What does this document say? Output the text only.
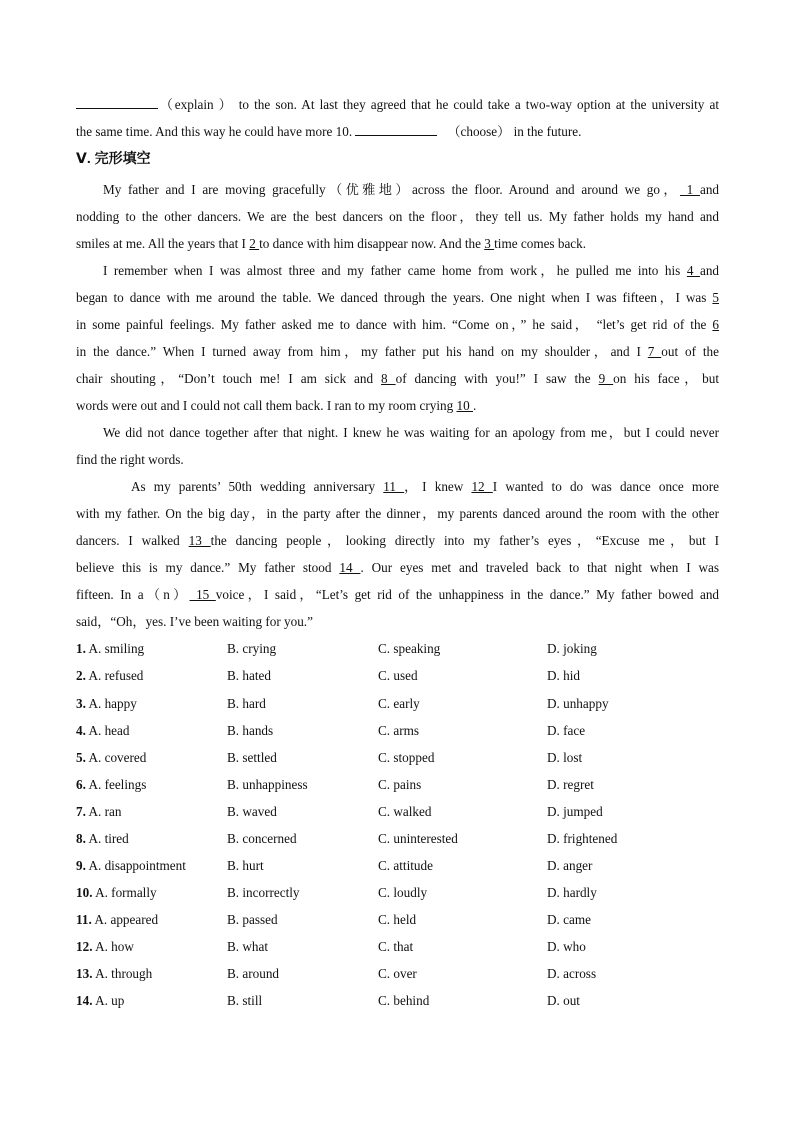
（explain ） to the son. At last they agreed that he could take a two-way option at the university at
the same time. And this way he could have more 10.	（choose） in the future.
Ⅴ. 完形填空
My father and I are moving gracefully（优雅地）across the floor. Around and around we go， 1 and
nodding to the other dancers. We are the best dancers on the floor，they tell us. My father holds my hand and
smiles at me. All the years that I 2 to dance with him disappear now. And the 3 time comes back.
I remember when I was almost three and my father came home from work，he pulled me into his 4 and
began to dance with me around the table. We danced through the years. One night when I was fifteen，I was 5
in some painful feelings. My father asked me to dance with him. “Come on，” he said， “let’s get rid of the 6
in the dance.” When I turned away from him，my father put his hand on my shoulder，and I 7 out of the
chair shouting，“Don’t touch me! I am sick and 8 of dancing with you!” I saw the 9 on his face，but
words were out and I could not call them back. I ran to my room crying 10 .
We did not dance together after that night. I knew he was waiting for an apology from me，but I could never
find the right words.
As my parents’ 50th wedding anniversary 11 ，I knew 12 I wanted to do was dance once more
with my father. On the big day，in the party after the dinner，my parents danced around the room with the other
dancers. I walked 13 the dancing people，looking directly into my father’s eyes，“Excuse me，but I
believe this is my dance.” My father stood 14 . Our eyes met and traveled back to that night when I was
fifteen. In a（n） 15 voice，I said，“Let’s get rid of the unhappiness in the dance.” My father bowed and
said，“Oh，yes. I’ve been waiting for you.”
1. A. smiling	B. crying	C. speaking	D. joking
2. A. refused	B. hated	C. used	D. hid
3. A. happy	B. hard	C. early	D. unhappy
4. A. head	B. hands	C. arms	D. face
5. A. covered	B. settled	C. stopped	D. lost
6. A. feelings	B. unhappiness	C. pains	D. regret
7. A. ran	B. waved	C. walked	D. jumped
8. A. tired	B. concerned	C. uninterested	D. frightened
9. A. disappointment	B. hurt	C. attitude	D. anger
10. A. formally	B. incorrectly	C. loudly	D. hardly
11. A. appeared	B. passed	C. held	D. came
12. A. how	B. what	C. that	D. who
13. A. through	B. around	C. over	D. across
14. A. up	B. still	C. behind	D. out
